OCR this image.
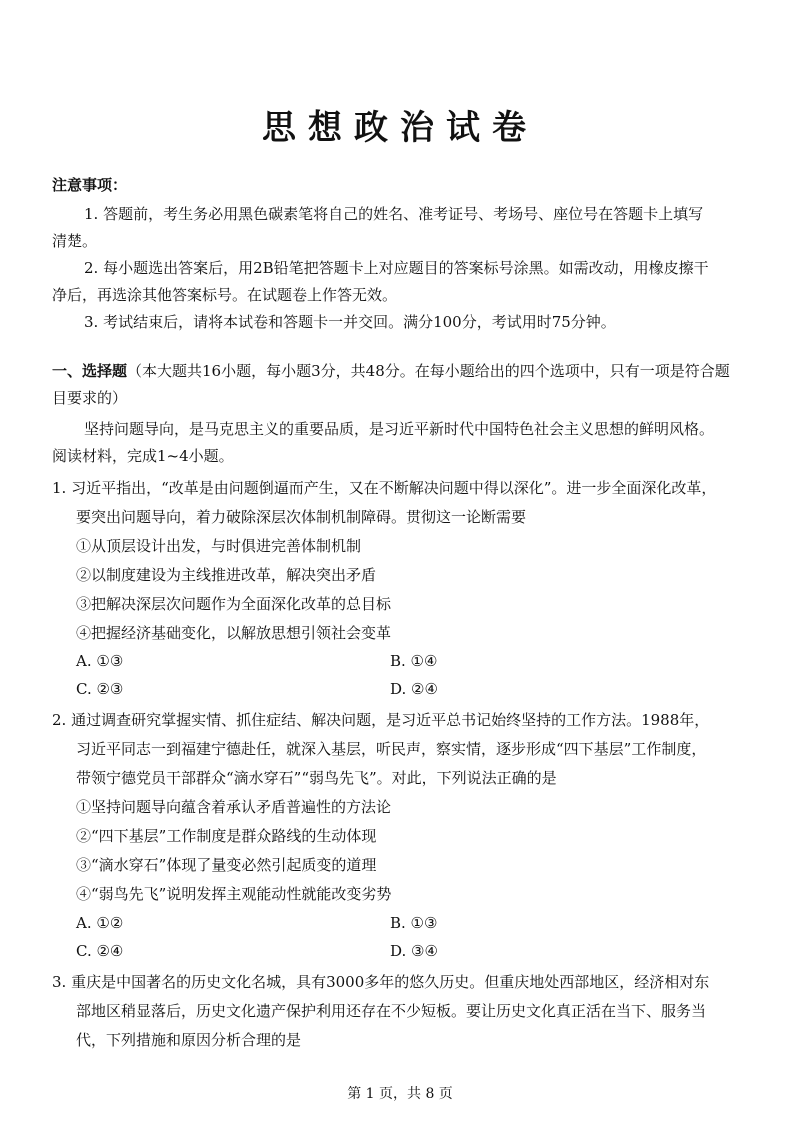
思想政治试卷
注意事项：
1. 答题前，考生务必用黑色碳素笔将自己的姓名、准考证号、考场号、座位号在答题卡上填写
清楚。
2. 每小题选出答案后，用2B铅笔把答题卡上对应题目的答案标号涂黑。如需改动，用橡皮擦干
净后，再选涂其他答案标号。在试题卷上作答无效。
3. 考试结束后，请将本试卷和答题卡一并交回。满分100分，考试用时75分钟。
一、选择题（本大题共16小题，每小题3分，共48分。在每小题给出的四个选项中，只有一项是符合题
目要求的）
坚持问题导向，是马克思主义的重要品质，是习近平新时代中国特色社会主义思想的鲜明风格。
阅读材料，完成1~4小题。
1. 习近平指出，“改革是由问题倒逼而产生，又在不断解决问题中得以深化”。进一步全面深化改革，
要突出问题导向，着力破除深层次体制机制障碍。贯彻这一论断需要
①从顶层设计出发，与时俱进完善体制机制
②以制度建设为主线推进改革，解决突出矛盾
③把解决深层次问题作为全面深化改革的总目标
④把握经济基础变化，以解放思想引领社会变革
A. ①③	B. ①④
C. ②③	D. ②④
2. 通过调查研究掌握实情、抓住症结、解决问题，是习近平总书记始终坚持的工作方法。1988年，
习近平同志一到福建宁德赴任，就深入基层，听民声，察实情，逐步形成“四下基层”工作制度，
带领宁德党员干部群众“滴水穿石”“弱鸟先飞”。对此，下列说法正确的是
①坚持问题导向蕴含着承认矛盾普遍性的方法论
②“四下基层”工作制度是群众路线的生动体现
③“滴水穿石”体现了量变必然引起质变的道理
④“弱鸟先飞”说明发挥主观能动性就能改变劣势
A. ①②	B. ①③
C. ②④	D. ③④
3. 重庆是中国著名的历史文化名城，具有3000多年的悠久历史。但重庆地处西部地区，经济相对东
部地区稍显落后，历史文化遗产保护利用还存在不少短板。要让历史文化真正活在当下、服务当
代，下列措施和原因分析合理的是
第 1 页，共 8 页
